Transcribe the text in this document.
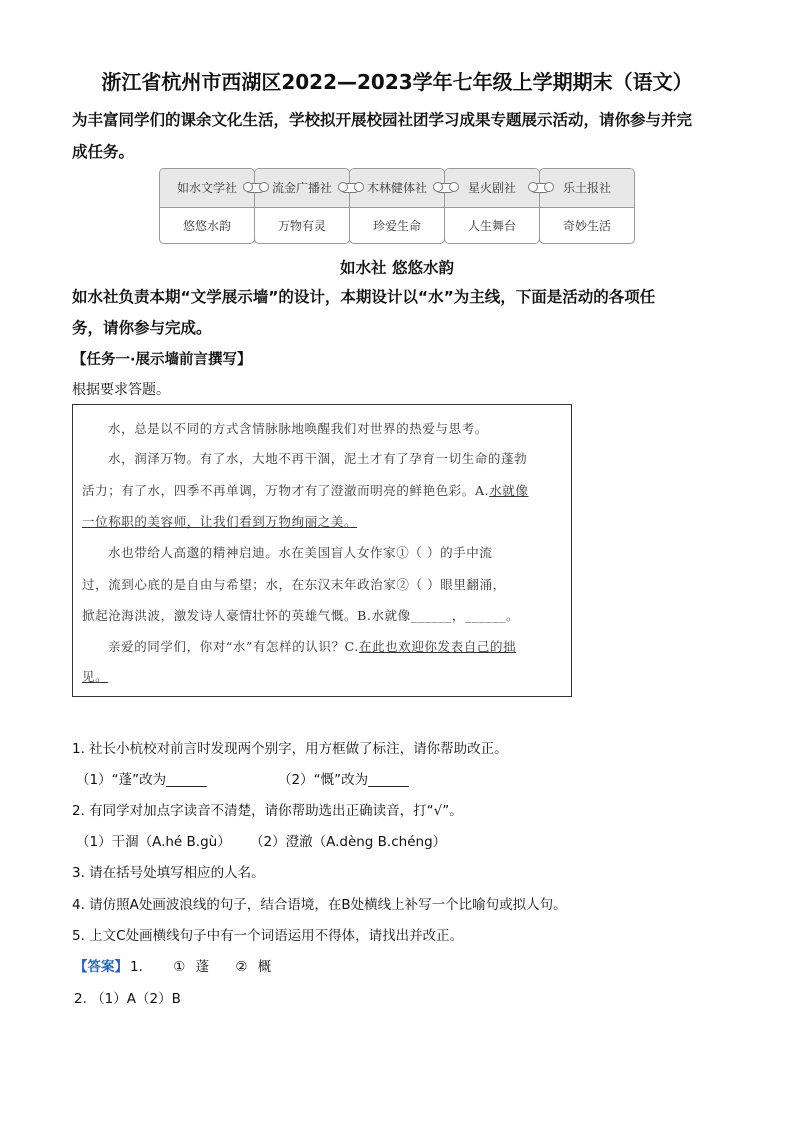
浙江省杭州市西湖区2022—2023学年七年级上学期期末（语文）
为丰富同学们的课余文化生活，学校拟开展校园社团学习成果专题展示活动，请你参与并完
成任务。
如水文学社
悠悠水韵
流金广播社
万物有灵
木林健体社
珍爱生命
星火剧社
人生舞台
乐土报社
奇妙生活
如水社 悠悠水韵
如水社负责本期“文学展示墙”的设计，本期设计以“水”为主线，下面是活动的各项任
务，请你参与完成。
【任务一·展示墙前言撰写】
根据要求答题。
水，总是以不同的方式含情脉脉地唤醒我们对世界的热爱与思考。
水，润泽万物。有了水，大地不再干涸，泥土才有了孕育一切生命的蓬勃
活力；有了水，四季不再单调，万物才有了澄澈而明亮的鲜艳色彩。A.水就像
一位称职的美容师，让我们看到万物绚丽之美。
水也带给人高邈的精神启迪。水在美国盲人女作家①（ ）的手中流
过，流到心底的是自由与希望；水，在东汉末年政治家②（ ）眼里翻涌，
掀起沧海洪波，激发诗人豪情壮怀的英雄气慨。B.水就像______，______。
亲爱的同学们，你对“水”有怎样的认识？C.在此也欢迎你发表自己的拙
见。
1. 社长小杭校对前言时发现两个别字，用方框做了标注，请你帮助改正。
（1）“蓬”改为______	（2）“慨”改为______
2. 有同学对加点字读音不清楚，请你帮助选出正确读音，打“√”。
（1）干涸（A.hé B.gù） （2）澄澈（A.dèng B.chéng）
3. 请在括号处填写相应的人名。
4. 请仿照A处画波浪线的句子，结合语境，在B处横线上补写一个比喻句或拟人句。
5. 上文C处画横线句子中有一个词语运用不得体，请找出并改正。
【答案】 1. ① 蓬 ② 概
2. （1）A（2）B
